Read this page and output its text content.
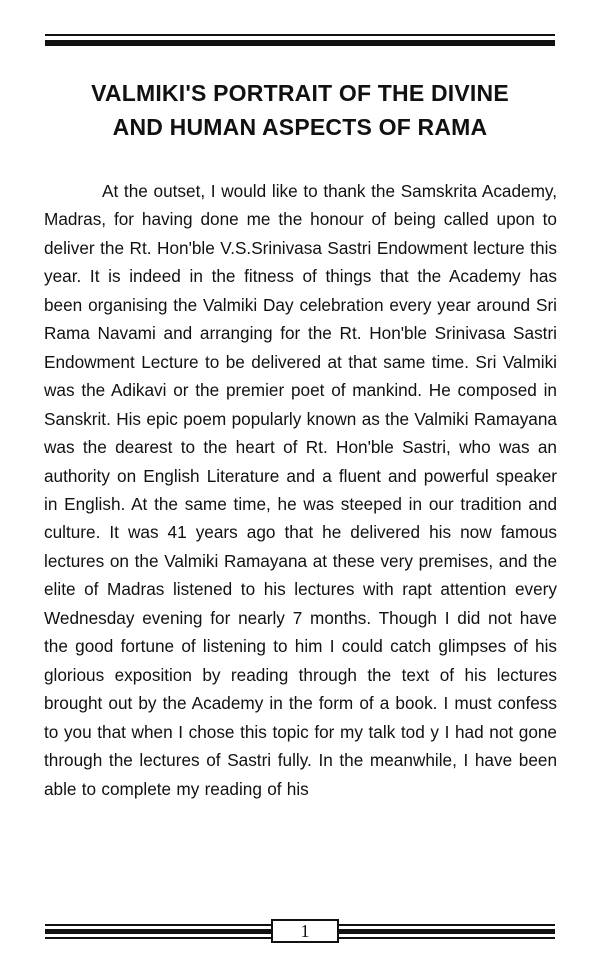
VALMIKI'S PORTRAIT OF THE DIVINE
AND HUMAN ASPECTS OF RAMA

At the outset, I would like to thank the Samskrita Academy, Madras, for having done me the honour of being called upon to deliver the Rt. Hon'ble V.S.Srinivasa Sastri Endowment lecture this year. It is indeed in the fitness of things that the Academy has been organising the Valmiki Day celebration every year around Sri Rama Navami and arranging for the Rt. Hon'ble Srinivasa Sastri Endowment Lecture to be delivered at that same time. Sri Valmiki was the Adikavi or the premier poet of mankind. He composed in Sanskrit. His epic poem popularly known as the Valmiki Ramayana was the dearest to the heart of Rt. Hon'ble Sastri, who was an authority on English Literature and a fluent and powerful speaker in English. At the same time, he was steeped in our tradition and culture. It was 41 years ago that he delivered his now famous lectures on the Valmiki Ramayana at these very premises, and the elite of Madras listened to his lectures with rapt attention every Wednesday evening for nearly 7 months. Though I did not have the good fortune of listening to him I could catch glimpses of his glorious exposition by reading through the text of his lectures brought out by the Academy in the form of a book. I must confess to you that when I chose this topic for my talk tod y I had not gone through the lectures of Sastri fully. In the meanwhile, I have been able to complete my reading of his

1
